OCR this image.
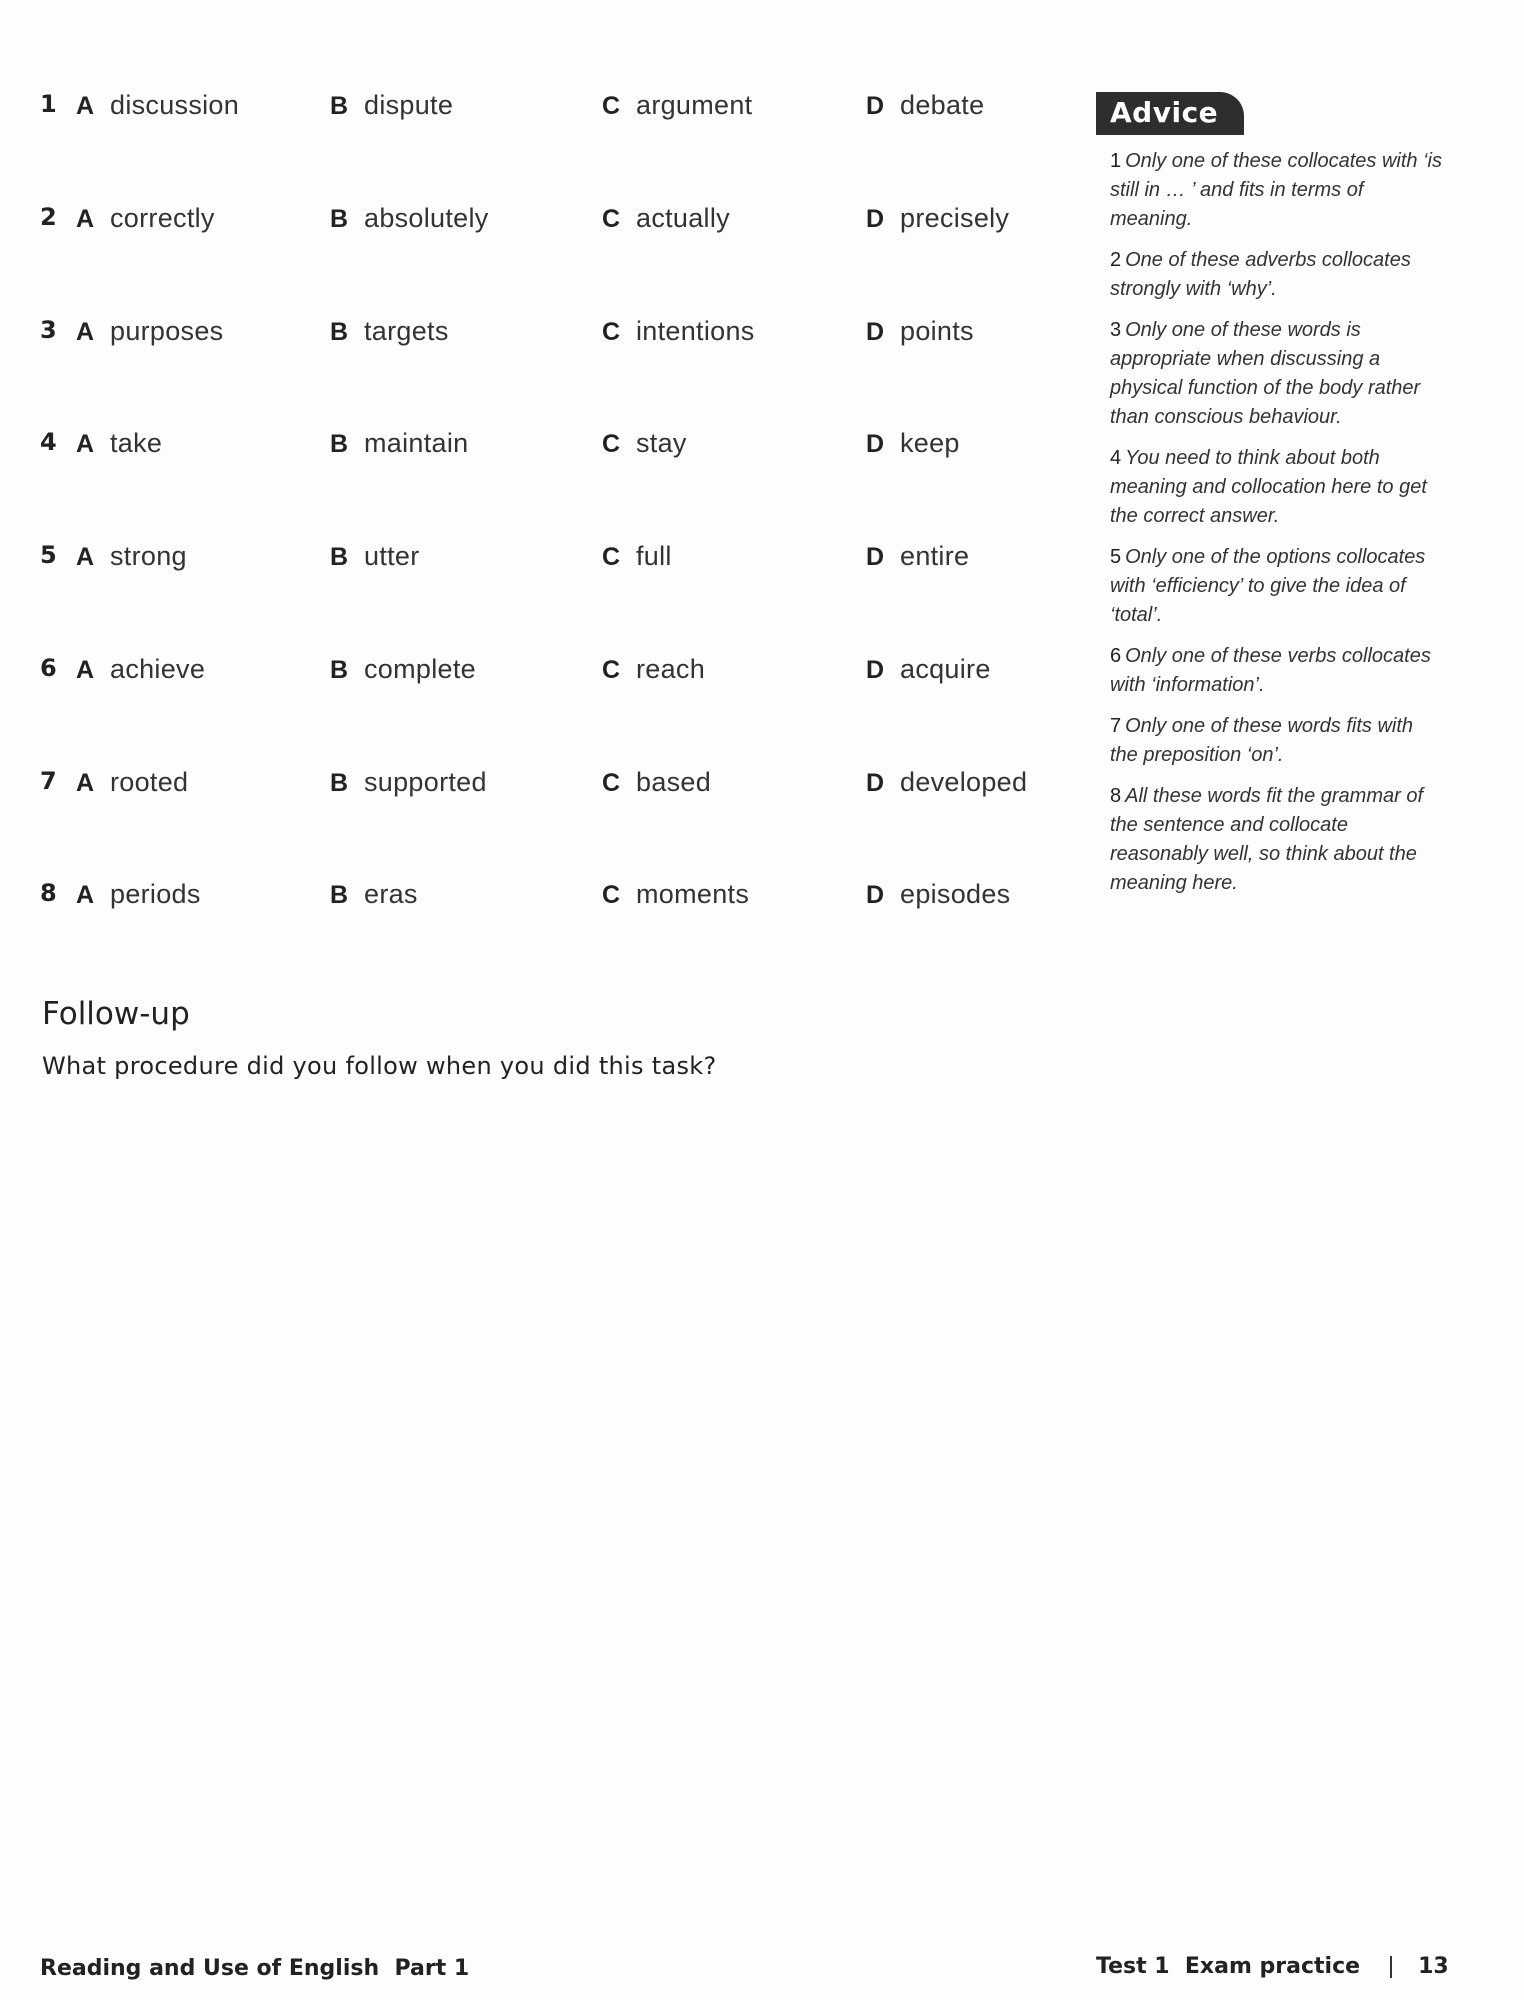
1 A discussion	B dispute	C argument	D debate
2 A correctly	B absolutely	C actually	D precisely
3 A purposes	B targets	C intentions	D points
4 A take	B maintain	C stay	D keep
5 A strong	B utter	C full	D entire
6 A achieve	B complete	C reach	D acquire
7 A rooted	B supported	C based	D developed
8 A periods	B eras	C moments	D episodes
Advice
1 Only one of these collocates with ‘is still in … ’ and fits in terms of meaning.
2 One of these adverbs collocates strongly with ‘why’.
3 Only one of these words is appropriate when discussing a physical function of the body rather than conscious behaviour.
4 You need to think about both meaning and collocation here to get the correct answer.
5 Only one of the options collocates with ‘efficiency’ to give the idea of ‘total’.
6 Only one of these verbs collocates with ‘information’.
7 Only one of these words fits with the preposition ‘on’.
8 All these words fit the grammar of the sentence and collocate reasonably well, so think about the meaning here.
Follow-up
What procedure did you follow when you did this task?
Reading and Use of English  Part 1	Test 1  Exam practice	13
